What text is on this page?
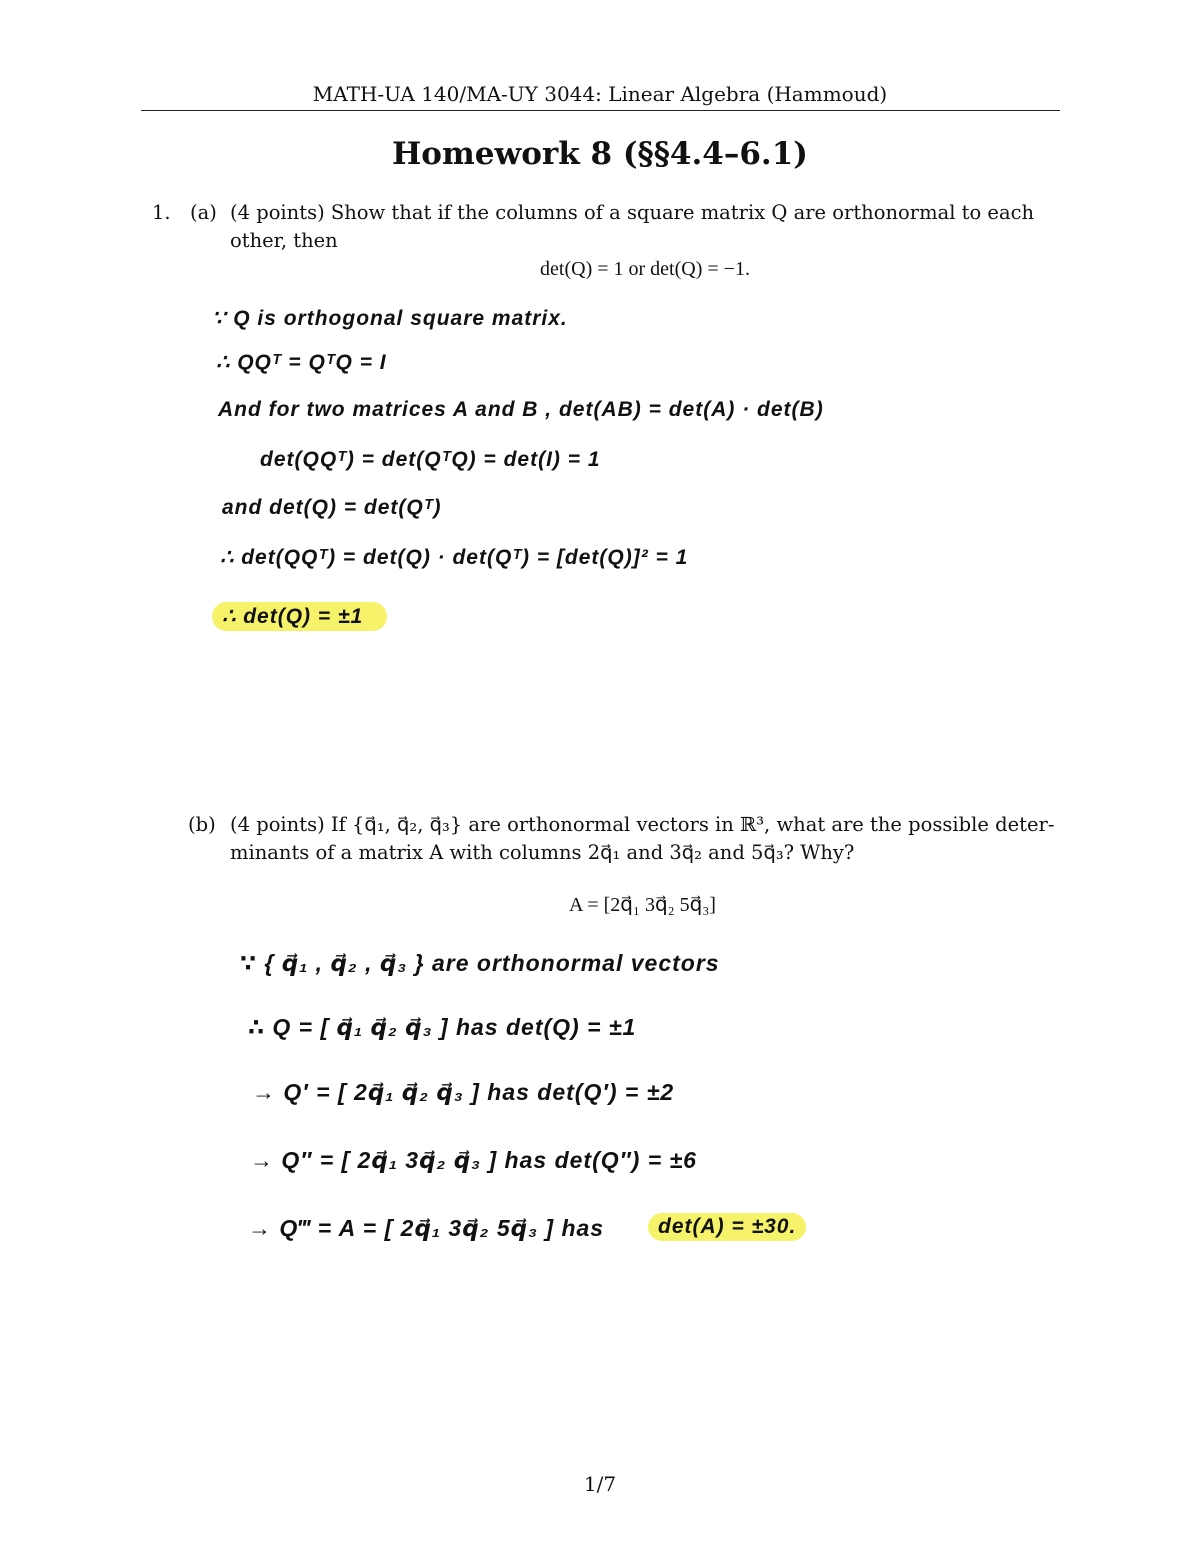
MATH-UA 140/MA-UY 3044: Linear Algebra (Hammoud)
Homework 8 (§§4.4–6.1)
1. (a) (4 points) Show that if the columns of a square matrix Q are orthonormal to each
other, then
det(Q) = 1 or det(Q) = −1.
∵ Q is orthogonal square matrix.
∴ QQᵀ = QᵀQ = I
And for two matrices A and B , det(AB) = det(A) · det(B)
det(QQᵀ) = det(QᵀQ) = det(I) = 1
and det(Q) = det(Qᵀ)
∴ det(QQᵀ) = det(Q) · det(Qᵀ) = [det(Q)]² = 1
∴ det(Q) = ±1
(b) (4 points) If {q⃗₁, q⃗₂, q⃗₃} are orthonormal vectors in ℝ³, what are the possible deter-
minants of a matrix A with columns 2q⃗₁ and 3q⃗₂ and 5q⃗₃? Why?
A = [2q⃗₁ 3q⃗₂ 5q⃗₃]
∵ { q⃗₁ , q⃗₂ , q⃗₃ } are orthonormal vectors
∴ Q = [ q⃗₁ q⃗₂ q⃗₃ ] has det(Q) = ±1
→ Q′ = [ 2q⃗₁ q⃗₂ q⃗₃ ] has det(Q′) = ±2
→ Q″ = [ 2q⃗₁ 3q⃗₂ q⃗₃ ] has det(Q″) = ±6
→ Q‴ = A = [ 2q⃗₁ 3q⃗₂ 5q⃗₃ ] has	det(A) = ±30.
1/7
